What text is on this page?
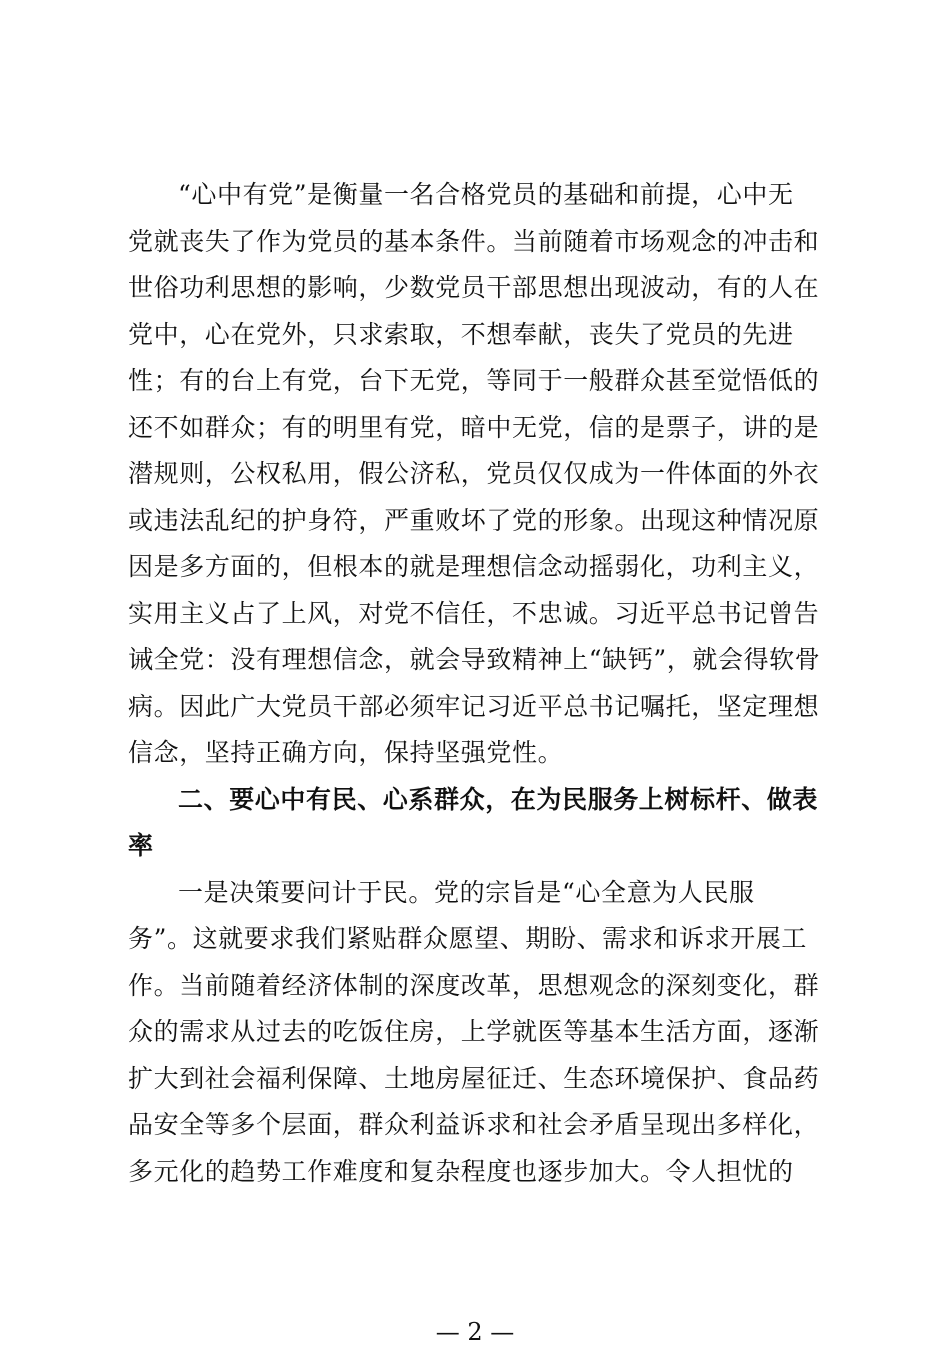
“心中有党”是衡量一名合格党员的基础和前提，心中无
党就丧失了作为党员的基本条件。当前随着市场观念的冲击和
世俗功利思想的影响，少数党员干部思想出现波动，有的人在
党中，心在党外，只求索取，不想奉献，丧失了党员的先进
性；有的台上有党，台下无党，等同于一般群众甚至觉悟低的
还不如群众；有的明里有党，暗中无党，信的是票子，讲的是
潜规则，公权私用，假公济私，党员仅仅成为一件体面的外衣
或违法乱纪的护身符，严重败坏了党的形象。出现这种情况原
因是多方面的，但根本的就是理想信念动摇弱化，功利主义，
实用主义占了上风，对党不信任，不忠诚。习近平总书记曾告
诫全党：没有理想信念，就会导致精神上“缺钙”，就会得软骨
病。因此广大党员干部必须牢记习近平总书记嘱托，坚定理想
信念，坚持正确方向，保持坚强党性。
二、要心中有民、心系群众，在为民服务上树标杆、做表
率
一是决策要问计于民。党的宗旨是“心全意为人民服
务”。这就要求我们紧贴群众愿望、期盼、需求和诉求开展工
作。当前随着经济体制的深度改革，思想观念的深刻变化，群
众的需求从过去的吃饭住房，上学就医等基本生活方面，逐渐
扩大到社会福利保障、土地房屋征迁、生态环境保护、食品药
品安全等多个层面，群众利益诉求和社会矛盾呈现出多样化，
多元化的趋势工作难度和复杂程度也逐步加大。令人担忧的
— 2 —
